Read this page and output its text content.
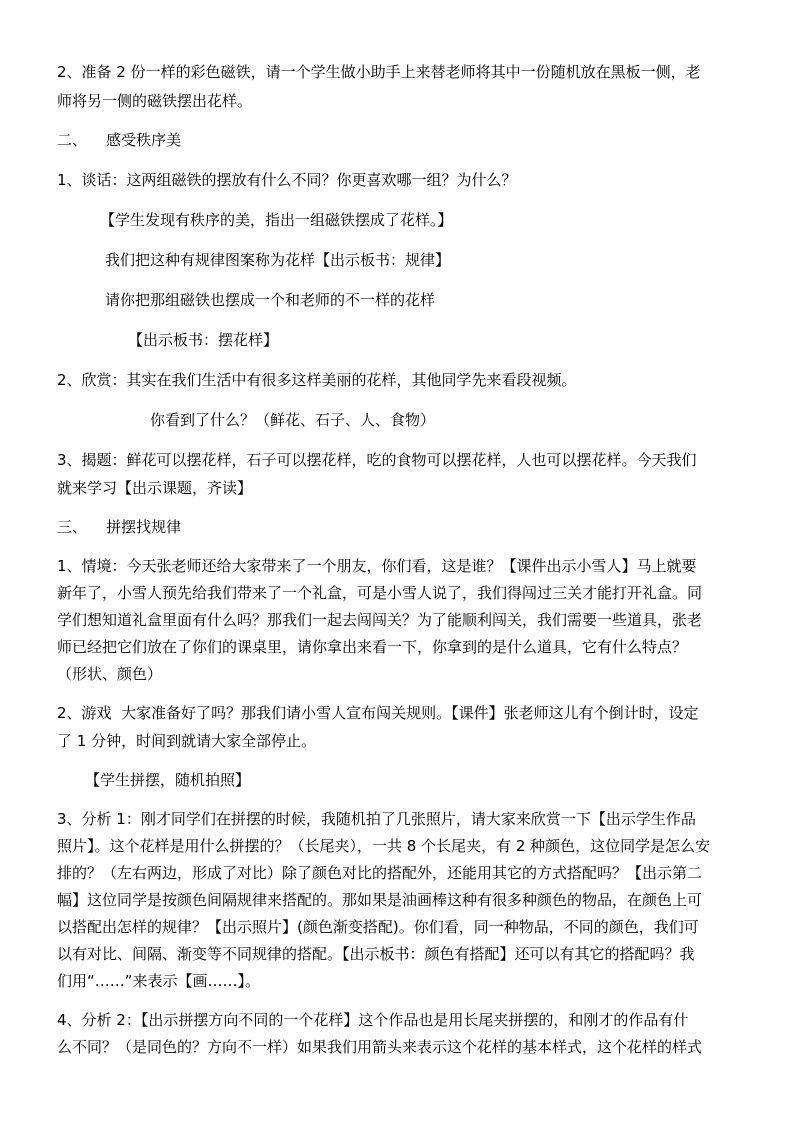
2、准备 2 份一样的彩色磁铁，请一个学生做小助手上来替老师将其中一份随机放在黑板一侧，老
师将另一侧的磁铁摆出花样。
二、    感受秩序美
1、谈话：这两组磁铁的摆放有什么不同？你更喜欢哪一组？为什么？
【学生发现有秩序的美，指出一组磁铁摆成了花样。】
我们把这种有规律图案称为花样【出示板书：规律】
请你把那组磁铁也摆成一个和老师的不一样的花样
【出示板书：摆花样】
2、欣赏：其实在我们生活中有很多这样美丽的花样，其他同学先来看段视频。
你看到了什么？（鲜花、石子、人、食物）
3、揭题：鲜花可以摆花样，石子可以摆花样，吃的食物可以摆花样，人也可以摆花样。今天我们
就来学习【出示课题，齐读】
三、    拼摆找规律
1、情境：今天张老师还给大家带来了一个朋友，你们看，这是谁？【课件出示小雪人】马上就要
新年了，小雪人预先给我们带来了一个礼盒，可是小雪人说了，我们得闯过三关才能打开礼盒。同
学们想知道礼盒里面有什么吗？那我们一起去闯闯关？为了能顺利闯关，我们需要一些道具，张老
师已经把它们放在了你们的课桌里，请你拿出来看一下，你拿到的是什么道具，它有什么特点？
（形状、颜色）
2、游戏  大家准备好了吗？那我们请小雪人宣布闯关规则。【课件】张老师这儿有个倒计时，设定
了 1 分钟，时间到就请大家全部停止。
【学生拼摆，随机拍照】
3、分析 1：刚才同学们在拼摆的时候，我随机拍了几张照片，请大家来欣赏一下【出示学生作品
照片】。这个花样是用什么拼摆的？（长尾夹），一共 8 个长尾夹，有 2 种颜色，这位同学是怎么安
排的？（左右两边，形成了对比）除了颜色对比的搭配外，还能用其它的方式搭配吗？【出示第二
幅】这位同学是按颜色间隔规律来搭配的。那如果是油画棒这种有很多种颜色的物品，在颜色上可
以搭配出怎样的规律？【出示照片】(颜色渐变搭配)。你们看，同一种物品，不同的颜色，我们可
以有对比、间隔、渐变等不同规律的搭配。【出示板书：颜色有搭配】还可以有其它的搭配吗？我
们用“……”来表示【画……】。
4、分析 2：【出示拼摆方向不同的一个花样】这个作品也是用长尾夹拼摆的，和刚才的作品有什
么不同？（是同色的？方向不一样）如果我们用箭头来表示这个花样的基本样式，这个花样的样式
